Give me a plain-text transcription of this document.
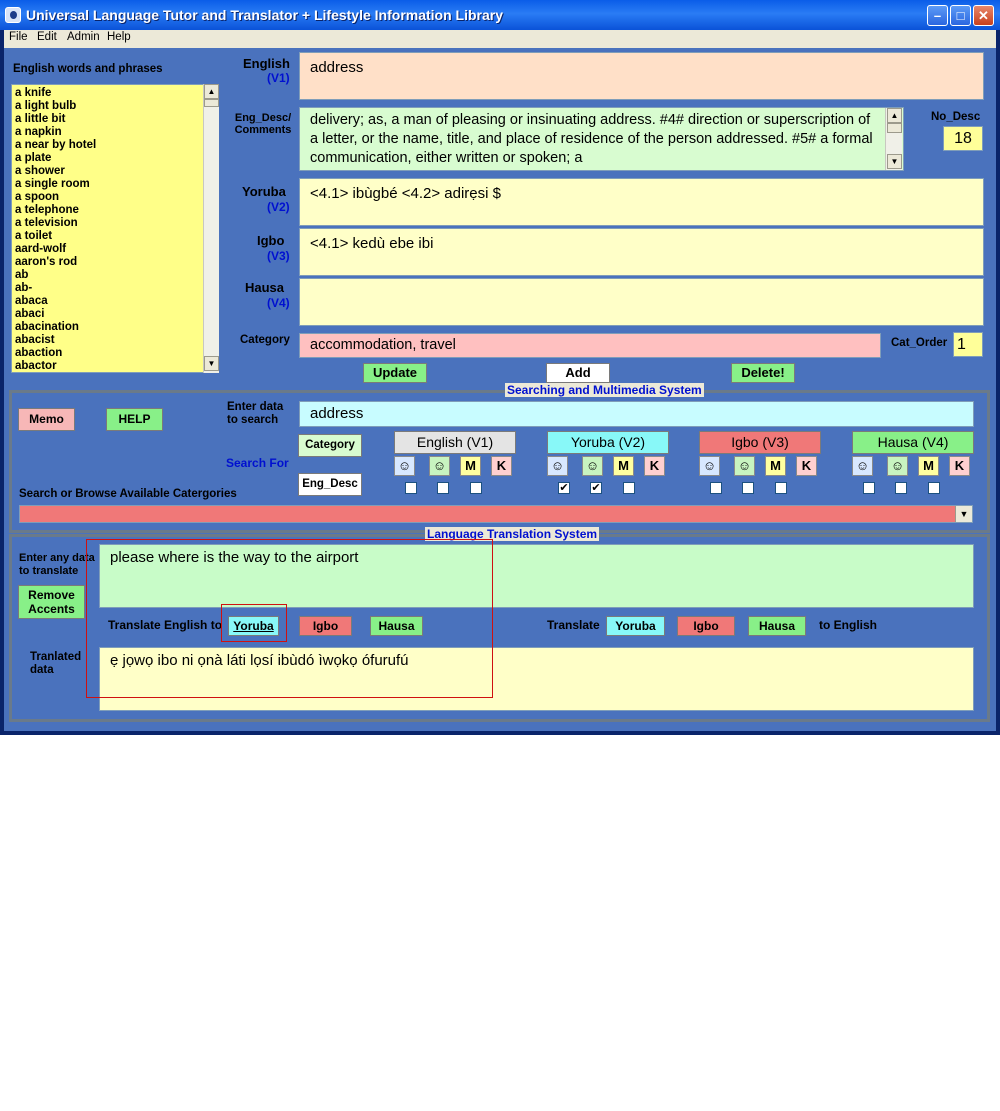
Universal Language Tutor and Translator + Lifestyle Information Library	–	□	✕
File Edit Admin Help
English words and phrases
a knife
a light bulb
a little bit
a napkin
a near by hotel
a plate
a shower
a single room
a spoon
a telephone
a television
a toilet
aard-wolf
aaron's rod
ab
ab-
abaca
abaci
abacination
abacist
abaction
abactor
▲
▼
English
(V1)
address
Eng_Desc/ Comments
delivery; as, a man of pleasing or insinuating address. #4# direction or superscription of a letter, or the name, title, and place of residence of the person addressed. #5# a formal communication, either written or spoken; a
▲
▼
No_Desc
18
Yoruba
(V2)
<4.1> ibùgbé <4.2> adirẹsi $
Igbo
(V3)
<4.1> kedù ebe ibi
Hausa
(V4)
Category	accommodation, travel	Cat_Order 1
Update	Add	Delete!
Searching and Multimedia System
Memo	HELP
Enter data to search	address
Category
Eng_Desc
Search For
English (V1)
☺ ☺	M	K
Yoruba (V2)
☺ ☺	M	K
✔ ✔
Igbo (V3)
☺ ☺	M	K
Hausa (V4)
☺ ☺	M	K
Search or Browse Available Catergories
▼
Language Translation System
Enter any data to translate
Remove Accents
please where is the way to the airport
Translate English to Yoruba	Igbo	Hausa	Translate	Yoruba	Igbo	Hausa	to English
Tranlated data
ẹ jọwọ ibo ni ọnà láti lọsí ibùdó ìwọkọ ófurufú
